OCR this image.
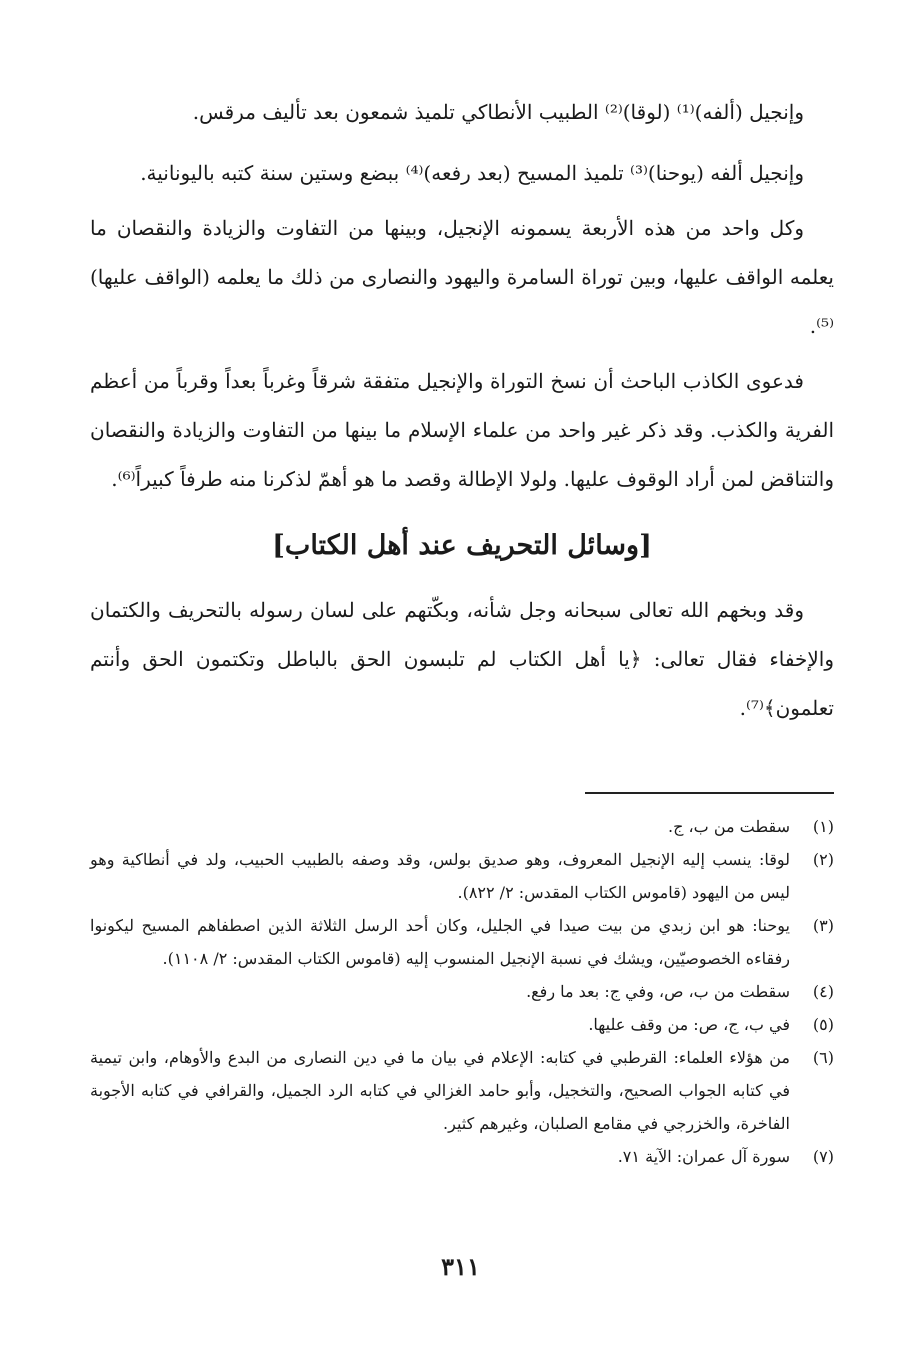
وإنجيل (ألفه)⁽¹⁾ (لوقا)⁽²⁾ الطبيب الأنطاكي تلميذ شمعون بعد تأليف مرقس.

وإنجيل ألفه (يوحنا)⁽³⁾ تلميذ المسيح (بعد رفعه)⁽⁴⁾ ببضع وستين سنة كتبه باليونانية.

وكل واحد من هذه الأربعة يسمونه الإنجيل، وبينها من التفاوت والزيادة والنقصان ما يعلمه الواقف عليها، وبين توراة السامرة واليهود والنصارى من ذلك ما يعلمه (الواقف عليها)⁽⁵⁾.

فدعوى الكاذب الباحث أن نسخ التوراة والإنجيل متفقة شرقاً وغرباً بعداً وقرباً من أعظم الفرية والكذب. وقد ذكر غير واحد من علماء الإسلام ما بينها من التفاوت والزيادة والنقصان والتناقض لمن أراد الوقوف عليها. ولولا الإطالة وقصد ما هو أهمّ لذكرنا منه طرفاً كبيراً⁽⁶⁾.

[وسائل التحريف عند أهل الكتاب]

وقد وبخهم الله تعالى سبحانه وجل شأنه، وبكّتهم على لسان رسوله بالتحريف والكتمان والإخفاء فقال تعالى: ﴿يا أهل الكتاب لم تلبسون الحق بالباطل وتكتمون الحق وأنتم تعلمون﴾⁽⁷⁾.

(١)
سقطت من ب، ج.
(٢)
لوقا: ينسب إليه الإنجيل المعروف، وهو صديق بولس، وقد وصفه بالطبيب الحبيب، ولد في أنطاكية وهو ليس من اليهود (قاموس الكتاب المقدس: ٢/ ٨٢٢).
(٣)
يوحنا: هو ابن زبدي من بيت صيدا في الجليل، وكان أحد الرسل الثلاثة الذين اصطفاهم المسيح ليكونوا رفقاءه الخصوصيّين، ويشك في نسبة الإنجيل المنسوب إليه (قاموس الكتاب المقدس: ٢/ ١١٠٨).
(٤)
سقطت من ب، ص، وفي ج: بعد ما رفع.
(٥)
في ب، ج، ص: من وقف عليها.
(٦)
من هؤلاء العلماء: القرطبي في كتابه: الإعلام في بيان ما في دين النصارى من البدع والأوهام، وابن تيمية في كتابه الجواب الصحيح، والتخجيل، وأبو حامد الغزالي في كتابه الرد الجميل، والقرافي في كتابه الأجوبة الفاخرة، والخزرجي في مقامع الصلبان، وغيرهم كثير.
(٧)
سورة آل عمران: الآية ٧١.
٣١١
